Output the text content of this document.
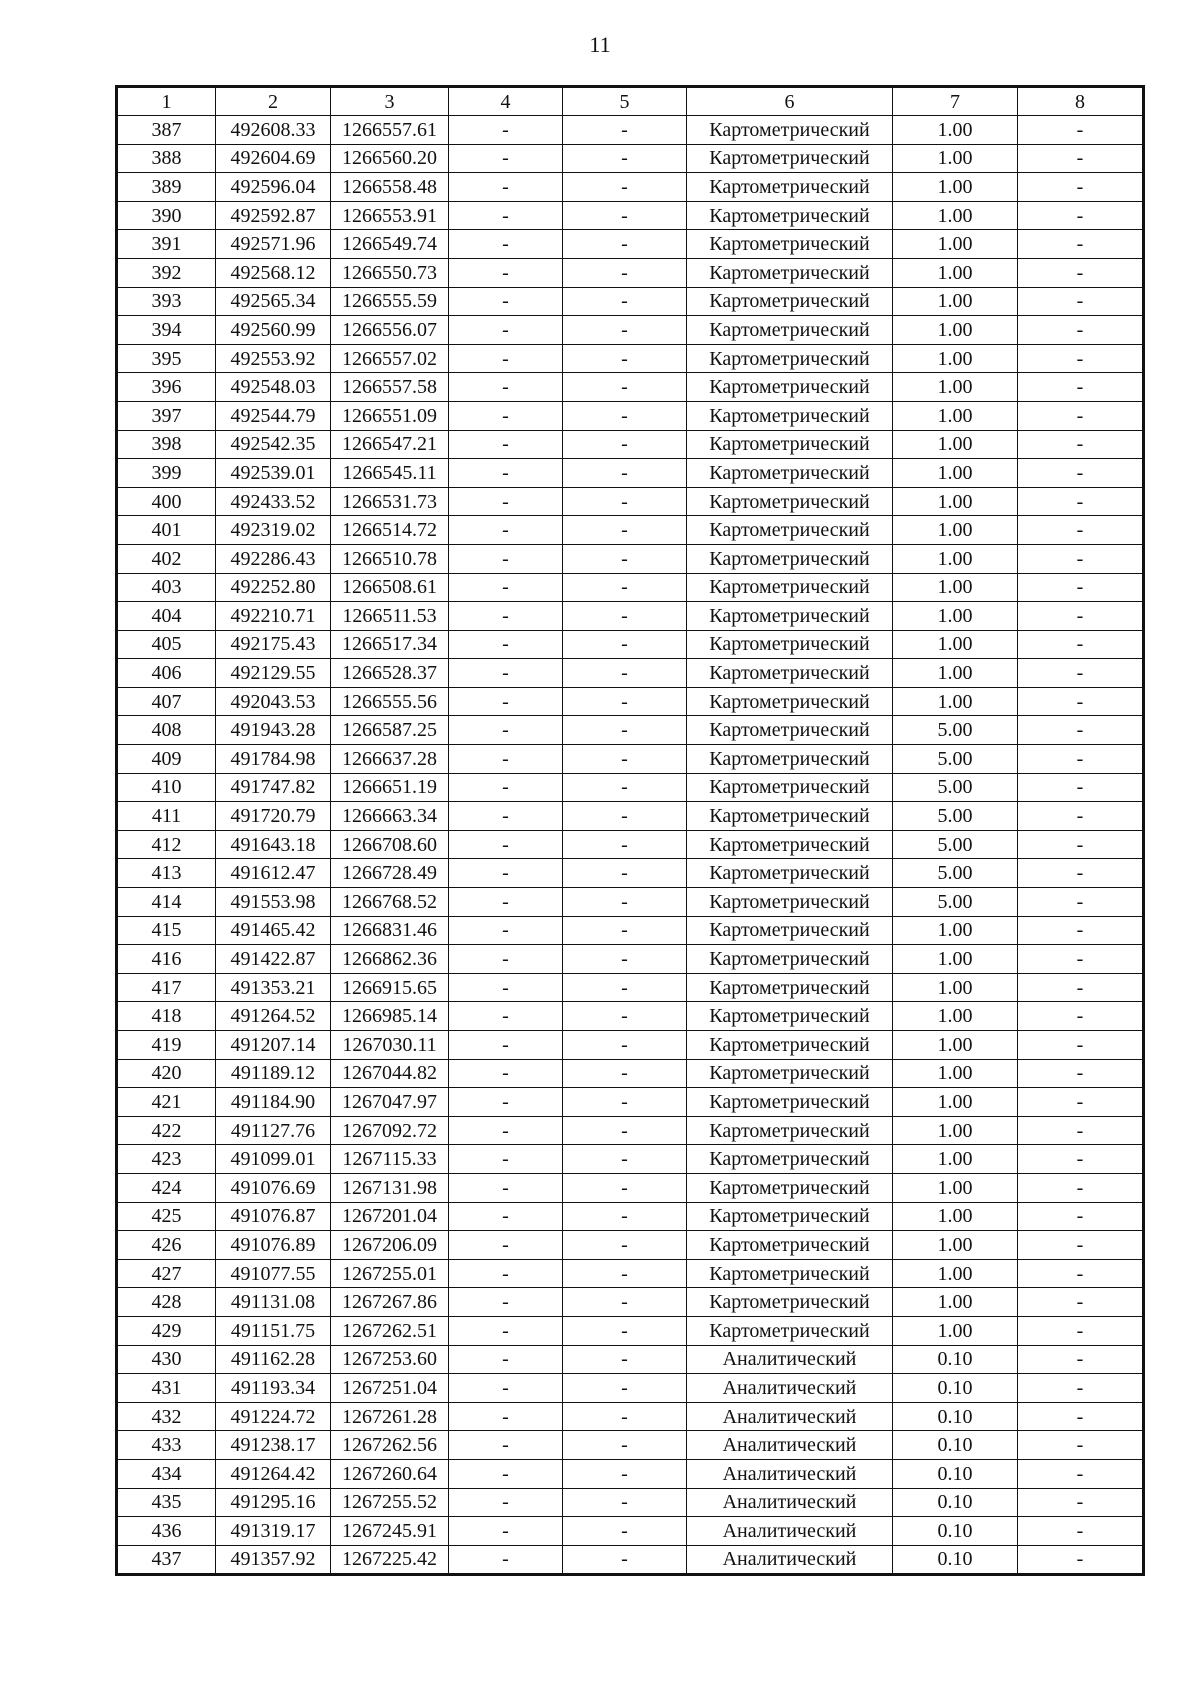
11
1	2	3	4	5	6	7	8
387	492608.33	1266557.61	-	-	Картометрический	1.00	-
388	492604.69	1266560.20	-	-	Картометрический	1.00	-
389	492596.04	1266558.48	-	-	Картометрический	1.00	-
390	492592.87	1266553.91	-	-	Картометрический	1.00	-
391	492571.96	1266549.74	-	-	Картометрический	1.00	-
392	492568.12	1266550.73	-	-	Картометрический	1.00	-
393	492565.34	1266555.59	-	-	Картометрический	1.00	-
394	492560.99	1266556.07	-	-	Картометрический	1.00	-
395	492553.92	1266557.02	-	-	Картометрический	1.00	-
396	492548.03	1266557.58	-	-	Картометрический	1.00	-
397	492544.79	1266551.09	-	-	Картометрический	1.00	-
398	492542.35	1266547.21	-	-	Картометрический	1.00	-
399	492539.01	1266545.11	-	-	Картометрический	1.00	-
400	492433.52	1266531.73	-	-	Картометрический	1.00	-
401	492319.02	1266514.72	-	-	Картометрический	1.00	-
402	492286.43	1266510.78	-	-	Картометрический	1.00	-
403	492252.80	1266508.61	-	-	Картометрический	1.00	-
404	492210.71	1266511.53	-	-	Картометрический	1.00	-
405	492175.43	1266517.34	-	-	Картометрический	1.00	-
406	492129.55	1266528.37	-	-	Картометрический	1.00	-
407	492043.53	1266555.56	-	-	Картометрический	1.00	-
408	491943.28	1266587.25	-	-	Картометрический	5.00	-
409	491784.98	1266637.28	-	-	Картометрический	5.00	-
410	491747.82	1266651.19	-	-	Картометрический	5.00	-
411	491720.79	1266663.34	-	-	Картометрический	5.00	-
412	491643.18	1266708.60	-	-	Картометрический	5.00	-
413	491612.47	1266728.49	-	-	Картометрический	5.00	-
414	491553.98	1266768.52	-	-	Картометрический	5.00	-
415	491465.42	1266831.46	-	-	Картометрический	1.00	-
416	491422.87	1266862.36	-	-	Картометрический	1.00	-
417	491353.21	1266915.65	-	-	Картометрический	1.00	-
418	491264.52	1266985.14	-	-	Картометрический	1.00	-
419	491207.14	1267030.11	-	-	Картометрический	1.00	-
420	491189.12	1267044.82	-	-	Картометрический	1.00	-
421	491184.90	1267047.97	-	-	Картометрический	1.00	-
422	491127.76	1267092.72	-	-	Картометрический	1.00	-
423	491099.01	1267115.33	-	-	Картометрический	1.00	-
424	491076.69	1267131.98	-	-	Картометрический	1.00	-
425	491076.87	1267201.04	-	-	Картометрический	1.00	-
426	491076.89	1267206.09	-	-	Картометрический	1.00	-
427	491077.55	1267255.01	-	-	Картометрический	1.00	-
428	491131.08	1267267.86	-	-	Картометрический	1.00	-
429	491151.75	1267262.51	-	-	Картометрический	1.00	-
430	491162.28	1267253.60	-	-	Аналитический	0.10	-
431	491193.34	1267251.04	-	-	Аналитический	0.10	-
432	491224.72	1267261.28	-	-	Аналитический	0.10	-
433	491238.17	1267262.56	-	-	Аналитический	0.10	-
434	491264.42	1267260.64	-	-	Аналитический	0.10	-
435	491295.16	1267255.52	-	-	Аналитический	0.10	-
436	491319.17	1267245.91	-	-	Аналитический	0.10	-
437	491357.92	1267225.42	-	-	Аналитический	0.10	-
